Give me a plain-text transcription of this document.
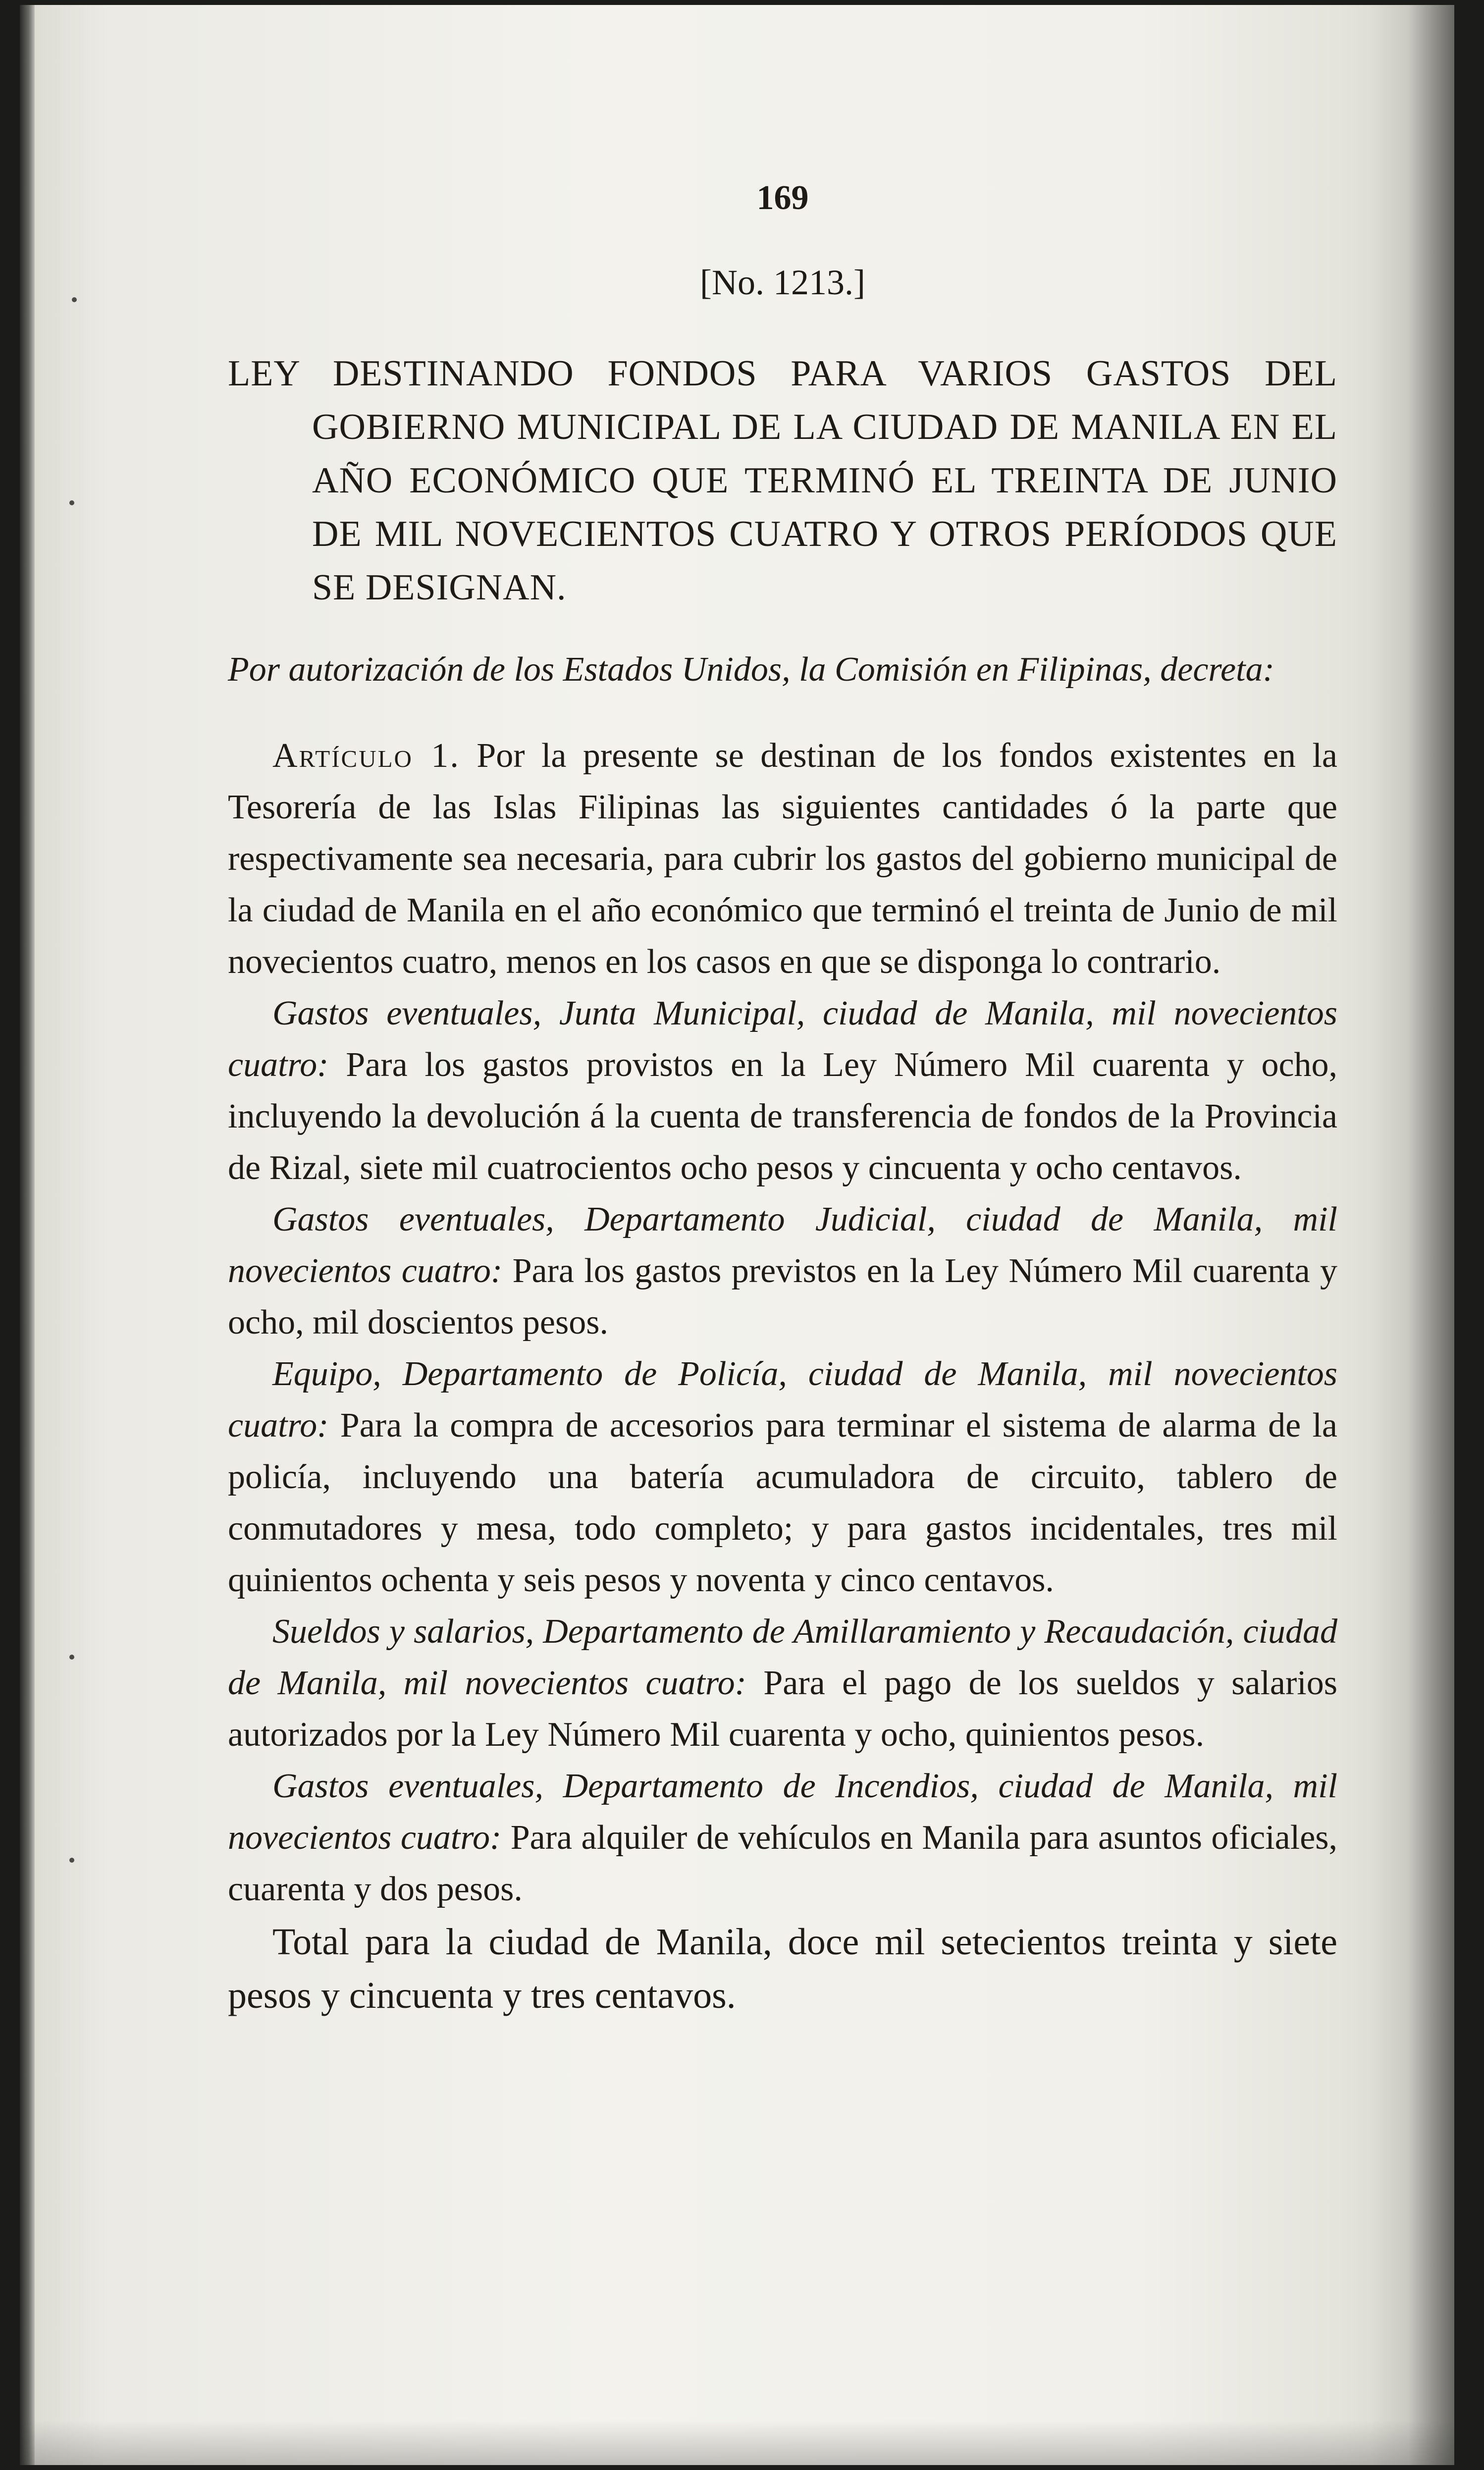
169

[No. 1213.]

LEY DESTINANDO FONDOS PARA VARIOS GASTOS DEL GOBIERNO MUNICIPAL DE LA CIUDAD DE MANILA EN EL AÑO ECONÓMICO QUE TERMINÓ EL TREINTA DE JUNIO DE MIL NOVECIENTOS CUATRO Y OTROS PERÍODOS QUE SE DESIGNAN.

Por autorización de los Estados Unidos, la Comisión en Filipinas, decreta:

Artículo 1. Por la presente se destinan de los fondos existentes en la Tesorería de las Islas Filipinas las siguientes cantidades ó la parte que respectivamente sea necesaria, para cubrir los gastos del gobierno municipal de la ciudad de Manila en el año económico que terminó el treinta de Junio de mil novecientos cuatro, menos en los casos en que se disponga lo contrario.

Gastos eventuales, Junta Municipal, ciudad de Manila, mil novecientos cuatro: Para los gastos provistos en la Ley Número Mil cuarenta y ocho, incluyendo la devolución á la cuenta de transferencia de fondos de la Provincia de Rizal, siete mil cuatrocientos ocho pesos y cincuenta y ocho centavos.

Gastos eventuales, Departamento Judicial, ciudad de Manila, mil novecientos cuatro: Para los gastos previstos en la Ley Número Mil cuarenta y ocho, mil doscientos pesos.

Equipo, Departamento de Policía, ciudad de Manila, mil novecientos cuatro: Para la compra de accesorios para terminar el sistema de alarma de la policía, incluyendo una batería acumuladora de circuito, tablero de conmutadores y mesa, todo completo; y para gastos incidentales, tres mil quinientos ochenta y seis pesos y noventa y cinco centavos.

Sueldos y salarios, Departamento de Amillaramiento y Recaudación, ciudad de Manila, mil novecientos cuatro: Para el pago de los sueldos y salarios autorizados por la Ley Número Mil cuarenta y ocho, quinientos pesos.

Gastos eventuales, Departamento de Incendios, ciudad de Manila, mil novecientos cuatro: Para alquiler de vehículos en Manila para asuntos oficiales, cuarenta y dos pesos.

Total para la ciudad de Manila, doce mil setecientos treinta y siete pesos y cincuenta y tres centavos.
